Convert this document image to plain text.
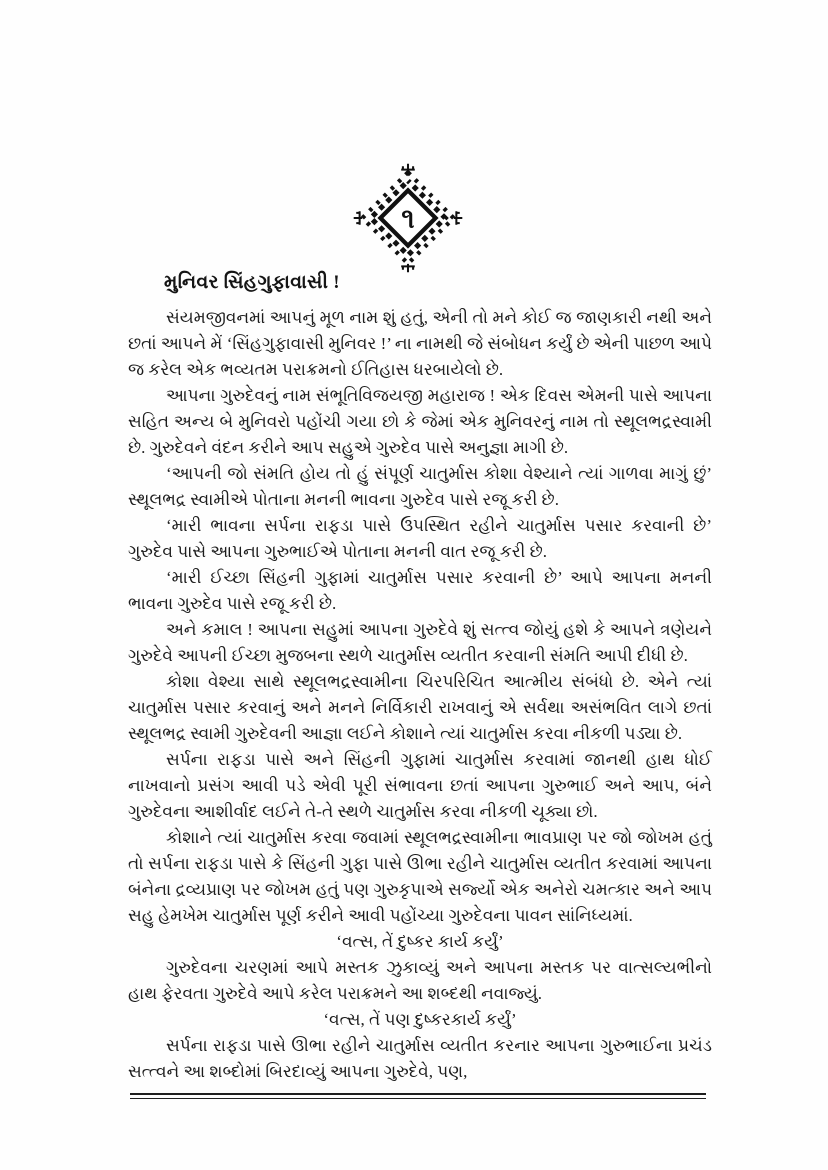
૧
મુનિવર સિંહગુફાવાસી !

સંયમજીવનમાં આપનું મૂળ નામ શું હતું, એની તો મને કોઈ જ જાણકારી નથી અને છતાં આપને મેં ‘સિંહગુફાવાસી મુનિવર !’ ના નામથી જે સંબોધન કર્યું છે એની પાછળ આપે જ કરેલ એક ભવ્યતમ પરાક્રમનો ઈતિહાસ ધરબાયેલો છે.

આપના ગુરુદેવનું નામ સંભૂતિવિજયજી મહારાજ ! એક દિવસ એમની પાસે આપના સહિત અન્ય બે મુનિવરો પહોંચી ગયા છો કે જેમાં એક મુનિવરનું નામ તો સ્થૂલભદ્રસ્વામી છે. ગુરુદેવને વંદન કરીને આપ સહુએ ગુરુદેવ પાસે અનુજ્ઞા માગી છે.

‘આપની જો સંમતિ હોય તો હું સંપૂર્ણ ચાતુર્માસ કોશા વેશ્યાને ત્યાં ગાળવા માગું છું’ સ્થૂલભદ્ર સ્વામીએ પોતાના મનની ભાવના ગુરુદેવ પાસે રજૂ કરી છે.

‘મારી ભાવના સર્પના રાફડા પાસે ઉપસ્થિત રહીને ચાતુર્માસ પસાર કરવાની છે’ ગુરુદેવ પાસે આપના ગુરુભાઈએ પોતાના મનની વાત રજૂ કરી છે.

‘મારી ઈચ્છા સિંહની ગુફામાં ચાતુર્માસ પસાર કરવાની છે’ આપે આપના મનની ભાવના ગુરુદેવ પાસે રજૂ કરી છે.

અને કમાલ ! આપના સહુમાં આપના ગુરુદેવે શું સત્ત્વ જોયું હશે કે આપને ત્રણેયને ગુરુદેવે આપની ઈચ્છા મુજબના સ્થળે ચાતુર્માસ વ્યતીત કરવાની સંમતિ આપી દીધી છે.

કોશા વેશ્યા સાથે સ્થૂલભદ્રસ્વામીના ચિરપરિચિત આત્મીય સંબંધો છે. એને ત્યાં ચાતુર્માસ પસાર કરવાનું અને મનને નિર્વિકારી રાખવાનું એ સર્વથા અસંભવિત લાગે છતાં સ્થૂલભદ્ર સ્વામી ગુરુદેવની આજ્ઞા લઈને કોશાને ત્યાં ચાતુર્માસ કરવા નીકળી પડ્યા છે.

સર્પના રાફડા પાસે અને સિંહની ગુફામાં ચાતુર્માસ કરવામાં જાનથી હાથ ધોઈ નાખવાનો પ્રસંગ આવી પડે એવી પૂરી સંભાવના છતાં આપના ગુરુભાઈ અને આપ, બંને ગુરુદેવના આશીર્વાદ લઈને તે-તે સ્થળે ચાતુર્માસ કરવા નીકળી ચૂક્યા છો.

કોશાને ત્યાં ચાતુર્માસ કરવા જવામાં સ્થૂલભદ્રસ્વામીના ભાવપ્રાણ પર જો જોખમ હતું તો સર્પના રાફડા પાસે કે સિંહની ગુફા પાસે ઊભા રહીને ચાતુર્માસ વ્યતીત કરવામાં આપના બંનેના દ્રવ્યપ્રાણ પર જોખમ હતું પણ ગુરુકૃપાએ સર્જ્યો એક અનેરો ચમત્કાર અને આપ સહુ હેમખેમ ચાતુર્માસ પૂર્ણ કરીને આવી પહોંચ્યા ગુરુદેવના પાવન સાંનિધ્યમાં.

‘વત્સ, તેં દુષ્કર કાર્ય કર્યું’

ગુરુદેવના ચરણમાં આપે મસ્તક ઝુકાવ્યું અને આપના મસ્તક પર વાત્સલ્યભીનો હાથ ફેરવતા ગુરુદેવે આપે કરેલ પરાક્રમને આ શબ્દથી નવાજ્યું.

‘વત્સ, તેં પણ દુષ્કરકાર્ય કર્યું’

સર્પના રાફડા પાસે ઊભા રહીને ચાતુર્માસ વ્યતીત કરનાર આપના ગુરુભાઈના પ્રચંડ સત્ત્વને આ શબ્દોમાં બિરદાવ્યું આપના ગુરુદેવે, પણ,
